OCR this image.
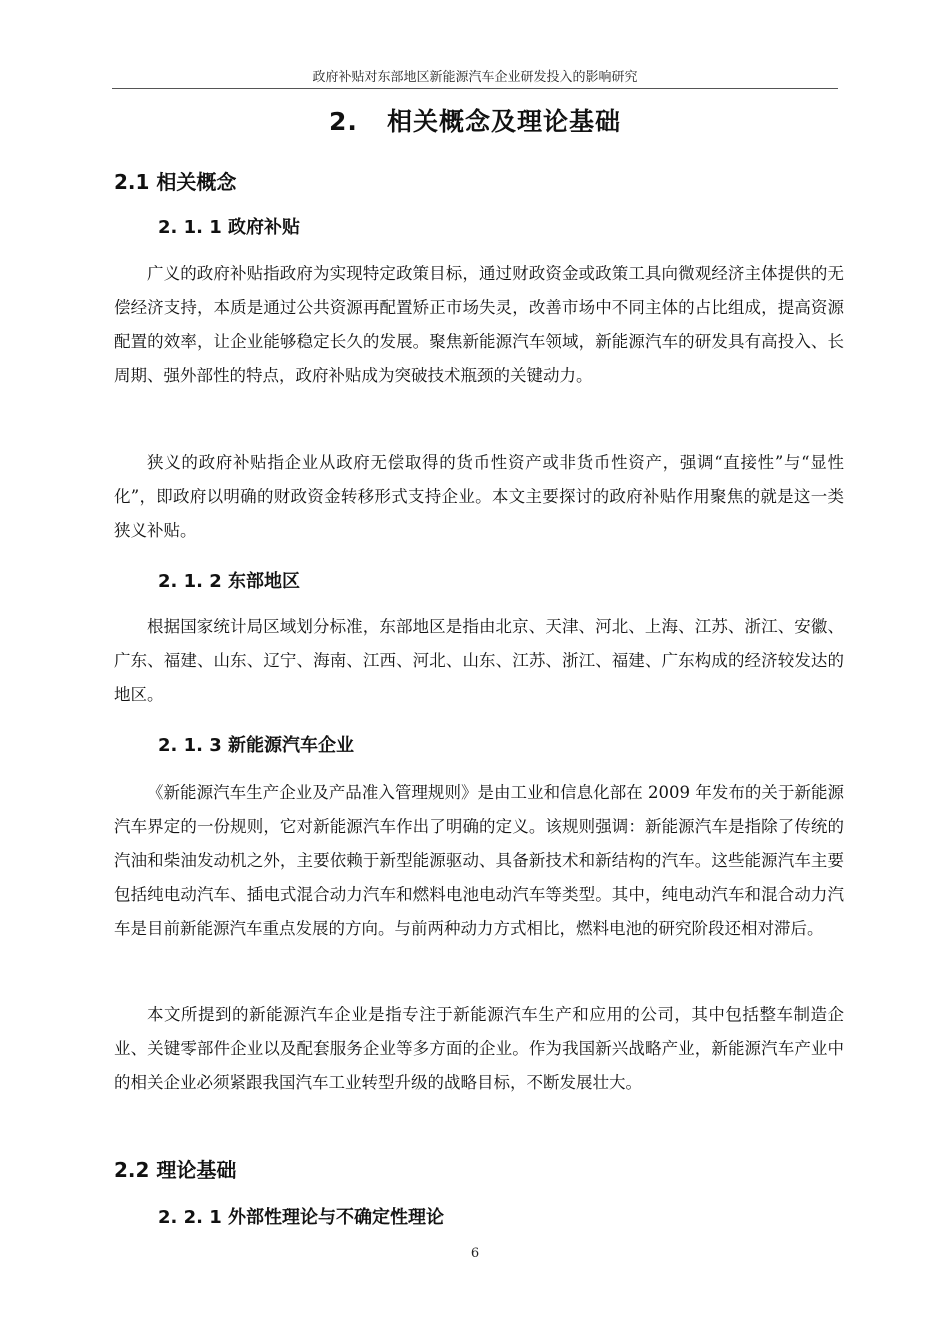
政府补贴对东部地区新能源汽车企业研发投入的影响研究
2.   相关概念及理论基础
2.1 相关概念
2. 1. 1 政府补贴
广义的政府补贴指政府为实现特定政策目标，通过财政资金或政策工具向微观经济主体提供的无偿经济支持，本质是通过公共资源再配置矫正市场失灵，改善市场中不同主体的占比组成，提高资源配置的效率，让企业能够稳定长久的发展。聚焦新能源汽车领域，新能源汽车的研发具有高投入、长周期、强外部性的特点，政府补贴成为突破技术瓶颈的关键动力。
狭义的政府补贴指企业从政府无偿取得的货币性资产或非货币性资产，强调“直接性”与“显性化”，即政府以明确的财政资金转移形式支持企业。本文主要探讨的政府补贴作用聚焦的就是这一类狭义补贴。
2. 1. 2 东部地区
根据国家统计局区域划分标准，东部地区是指由北京、天津、河北、上海、江苏、浙江、安徽、广东、福建、山东、辽宁、海南、江西、河北、山东、江苏、浙江、福建、广东构成的经济较发达的地区。
2. 1. 3 新能源汽车企业
《新能源汽车生产企业及产品准入管理规则》是由工业和信息化部在 2009 年发布的关于新能源汽车界定的一份规则，它对新能源汽车作出了明确的定义。该规则强调：新能源汽车是指除了传统的汽油和柴油发动机之外，主要依赖于新型能源驱动、具备新技术和新结构的汽车。这些能源汽车主要包括纯电动汽车、插电式混合动力汽车和燃料电池电动汽车等类型。其中，纯电动汽车和混合动力汽车是目前新能源汽车重点发展的方向。与前两种动力方式相比，燃料电池的研究阶段还相对滞后。
本文所提到的新能源汽车企业是指专注于新能源汽车生产和应用的公司，其中包括整车制造企业、关键零部件企业以及配套服务企业等多方面的企业。作为我国新兴战略产业，新能源汽车产业中的相关企业必须紧跟我国汽车工业转型升级的战略目标，不断发展壮大。
2.2 理论基础
2. 2. 1 外部性理论与不确定性理论
6
